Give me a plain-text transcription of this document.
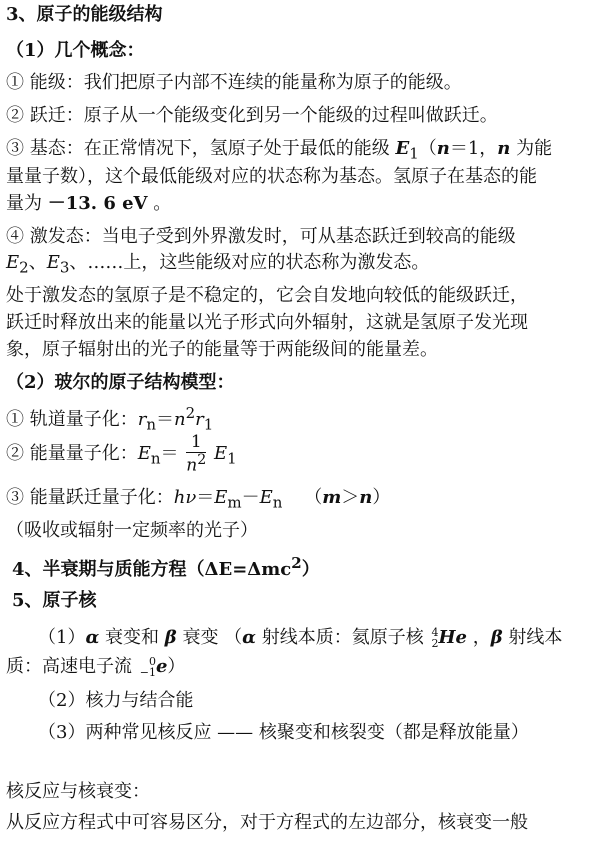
3、原子的能级结构
（1）几个概念：
① 能级：我们把原子内部不连续的能量称为原子的能级。
② 跃迁：原子从一个能级变化到另一个能级的过程叫做跃迁。
③ 基态：在正常情况下，氢原子处于最低的能级 $E_1(n=1$，n 为能
量量子数），这个最低能级对应的状态称为基态。氢原子在基态的能
量为 －13. 6 eV 。
④ 激发态：当电子受到外界激发时，可从基态跃迁到较高的能级
$E_2$、$E_3$、……上，这些能级对应的状态称为激发态。
处于激发态的氢原子是不稳定的，它会自发地向较低的能级跃迁，
跃迁时释放出来的能量以光子形式向外辐射，这就是氢原子发光现
象，原子辐射出的光子的能量等于两能级间的能量差。
（2）玻尔的原子结构模型：
① 轨道量子化：$r_n=n^2r_1$
② 能量量子化：$E_n= \frac{1}{n^2} E_1$
③ 能量跃迁量子化：$h\nu=E_m-E_n$ （m＞n）
（吸收或辐射一定频率的光子）
4、半衰期与质能方程（ΔE=Δmc$^2$）
5、原子核
（1）α 衰变和 β 衰变 （α 射线本质：氦原子核 4
2 He ，β 射线本
质：高速电子流	0
−1 e）
（2）核力与结合能
（3）两种常见核反应 —— 核聚变和核裂变（都是释放能量）
核反应与核衰变：
从反应方程式中可容易区分，对于方程式的左边部分，核衰变一般
